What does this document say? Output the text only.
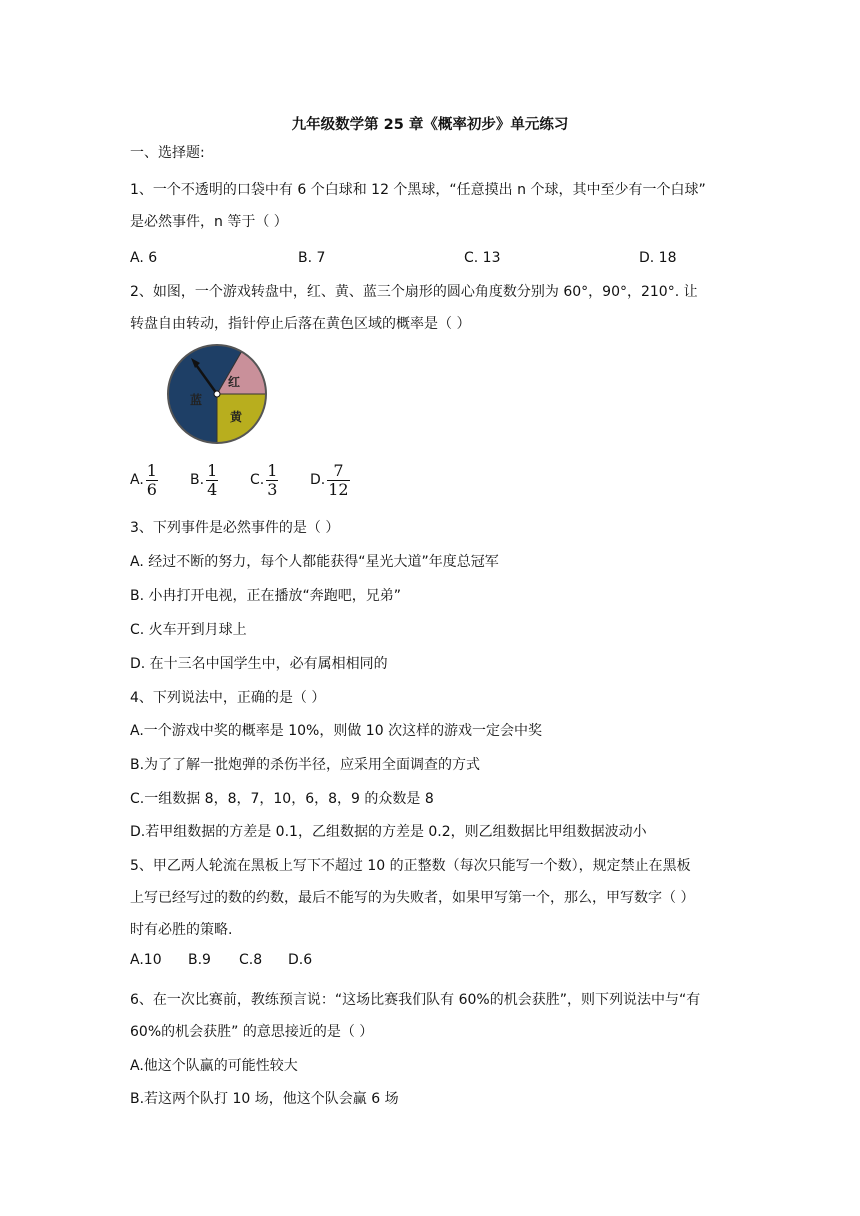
九年级数学第 25 章《概率初步》单元练习
一、选择题:
1、一个不透明的口袋中有 6 个白球和 12 个黑球，“任意摸出 n 个球，其中至少有一个白球”
是必然事件，n 等于（ ）
A. 6	B. 7	C. 13	D. 18
2、如图，一个游戏转盘中，红、黄、蓝三个扇形的圆心角度数分别为 60°，90°，210°. 让
转盘自由转动，指针停止后落在黄色区域的概率是（ ）
红
黄
蓝
A. $\frac{1}{6} B$. $\frac{1}{4} C$. $\frac{1}{3} D$. $\frac{7}{12}$
3、下列事件是必然事件的是（ ）
A. 经过不断的努力，每个人都能获得“星光大道”年度总冠军
B. 小冉打开电视，正在播放“奔跑吧，兄弟”
C. 火车开到月球上
D. 在十三名中国学生中，必有属相相同的
4、下列说法中，正确的是（ ）
A.一个游戏中奖的概率是 10%，则做 10 次这样的游戏一定会中奖
B.为了了解一批炮弹的杀伤半径，应采用全面调查的方式
C.一组数据 8，8，7，10，6，8，9 的众数是 8
D.若甲组数据的方差是 0.1，乙组数据的方差是 0.2，则乙组数据比甲组数据波动小
5、甲乙两人轮流在黑板上写下不超过 10 的正整数（每次只能写一个数），规定禁止在黑板
上写已经写过的数的约数，最后不能写的为失败者，如果甲写第一个，那么，甲写数字（ ）
时有必胜的策略.
A.10 B.9 C.8 D.6
6、在一次比赛前，教练预言说：“这场比赛我们队有 60%的机会获胜”，则下列说法中与“有
60%的机会获胜” 的意思接近的是（ ）
A.他这个队赢的可能性较大
B.若这两个队打 10 场，他这个队会赢 6 场
